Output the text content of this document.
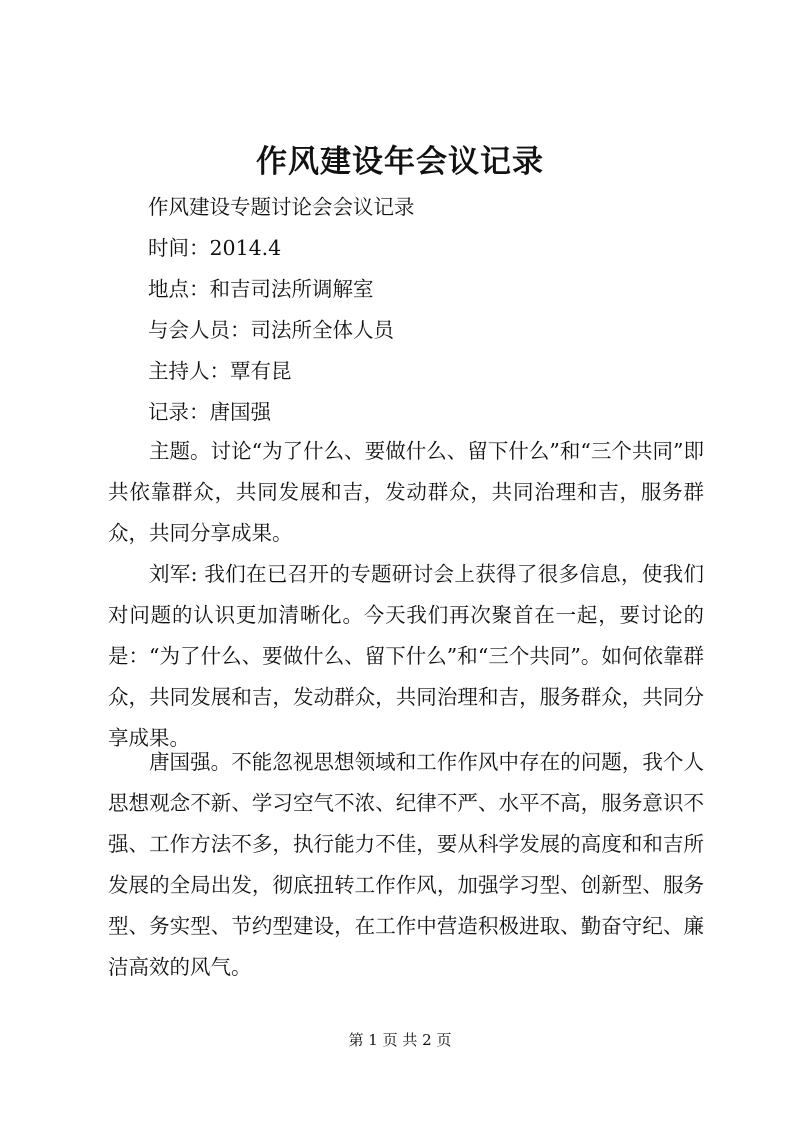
作风建设年会议记录
作风建设专题讨论会会议记录
时间：2014.4
地点：和吉司法所调解室
与会人员：司法所全体人员
主持人：覃有昆
记录：唐国强
主题。讨论“为了什么、要做什么、留下什么”和“三个共同”即共依靠群众，共同发展和吉，发动群众，共同治理和吉，服务群众，共同分享成果。
刘军: 我们在已召开的专题研讨会上获得了很多信息，使我们对问题的认识更加清晰化。今天我们再次聚首在一起，要讨论的是：“为了什么、要做什么、留下什么”和“三个共同”。如何依靠群众，共同发展和吉，发动群众，共同治理和吉，服务群众，共同分享成果。
唐国强。不能忽视思想领域和工作作风中存在的问题，我个人思想观念不新、学习空气不浓、纪律不严、水平不高，服务意识不强、工作方法不多，执行能力不佳，要从科学发展的高度和和吉所发展的全局出发，彻底扭转工作作风，加强学习型、创新型、服务型、务实型、节约型建设，在工作中营造积极进取、勤奋守纪、廉洁高效的风气。
第 1 页 共 2 页
